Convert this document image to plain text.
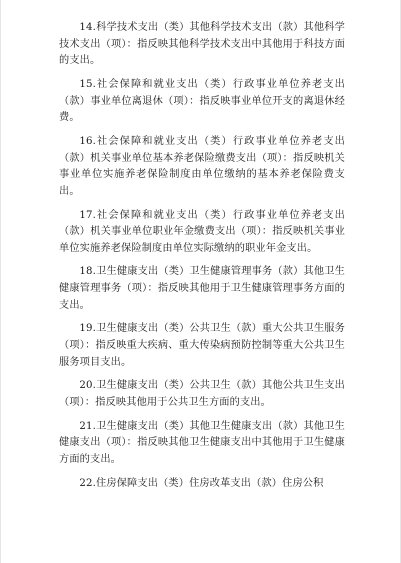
14.科学技术支出（类）其他科学技术支出（款）其他科学技术支出（项）：指反映其他科学技术支出中其他用于科技方面的支出。

15.社会保障和就业支出（类）行政事业单位养老支出（款）事业单位离退休（项）：指反映事业单位开支的离退休经费。

16.社会保障和就业支出（类）行政事业单位养老支出（款）机关事业单位基本养老保险缴费支出（项）：指反映机关事业单位实施养老保险制度由单位缴纳的基本养老保险费支出。

17.社会保障和就业支出（类）行政事业单位养老支出（款）机关事业单位职业年金缴费支出（项）：指反映机关事业单位实施养老保险制度由单位实际缴纳的职业年金支出。

18.卫生健康支出（类）卫生健康管理事务（款）其他卫生健康管理事务（项）：指反映其他用于卫生健康管理事务方面的支出。

19.卫生健康支出（类）公共卫生（款）重大公共卫生服务（项）：指反映重大疾病、重大传染病预防控制等重大公共卫生服务项目支出。

20.卫生健康支出（类）公共卫生（款）其他公共卫生支出（项）：指反映其他用于公共卫生方面的支出。

21.卫生健康支出（类）其他卫生健康支出（款）其他卫生健康支出（项）：指反映其他卫生健康支出中其他用于卫生健康方面的支出。

22.住房保障支出（类）住房改革支出（款）住房公积
